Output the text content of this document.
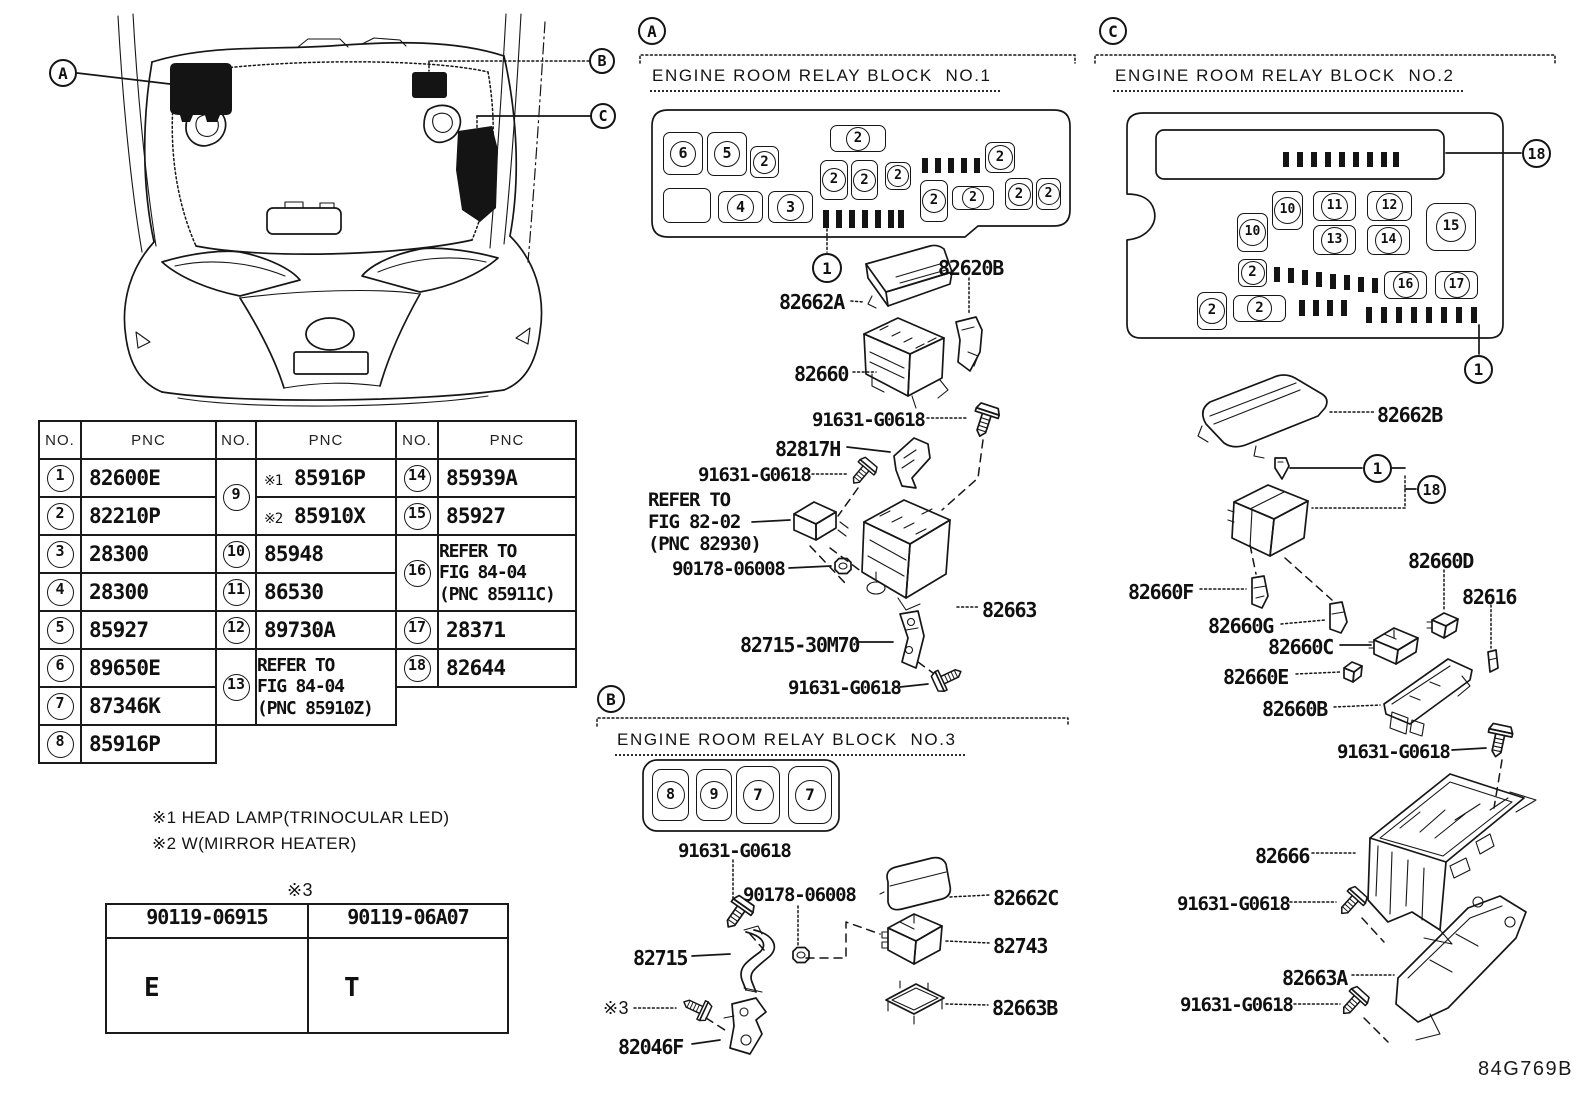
A
B
C
A
B
C
1
18
1
1
18
ENGINE ROOM RELAY BLOCK  NO.1	ENGINE ROOM RELAY BLOCK  NO.2
ENGINE ROOM RELAY BLOCK  NO.3
6	5	2
2
2	2	2
2
4	3	2	2	2	2
8	9	7	7
10	11	12
10	13	14
15
2
16	17
2	2
82620B
82662A
82660
91631-G0618
82817H
91631-G0618
REFER TO
FIG 82-02
(PNC 82930)
90178-06008
82663
82715-30M70
91631-G0618
91631-G0618
90178-06008
82715
※3
82046F
82662C
82743
82663B
82662B
82660F
82660G
82660D
82616
82660C
82660E
82660B
91631-G0618
82666
91631-G0618
82663A
91631-G0618
NO.	PNC
1	82600E
2	82210P
3	28300
4	28300
5	85927
6	89650E
7	87346K
8	85916P
NO.	PNC
9	※1 85916P
	※2 85910X
10	85948
11	86530
12	89730A
13	REFER TO
FIG 84-04
(PNC 85910Z)
NO.	PNC
14	85939A
15	85927
16	REFER TO
FIG 84-04
(PNC 85911C)

17	28371
18	82644
※1 HEAD LAMP(TRINOCULAR LED)
※2 W(MIRROR HEATER)
※3
90119-06915	90119-06A07
E	T
84G769B
